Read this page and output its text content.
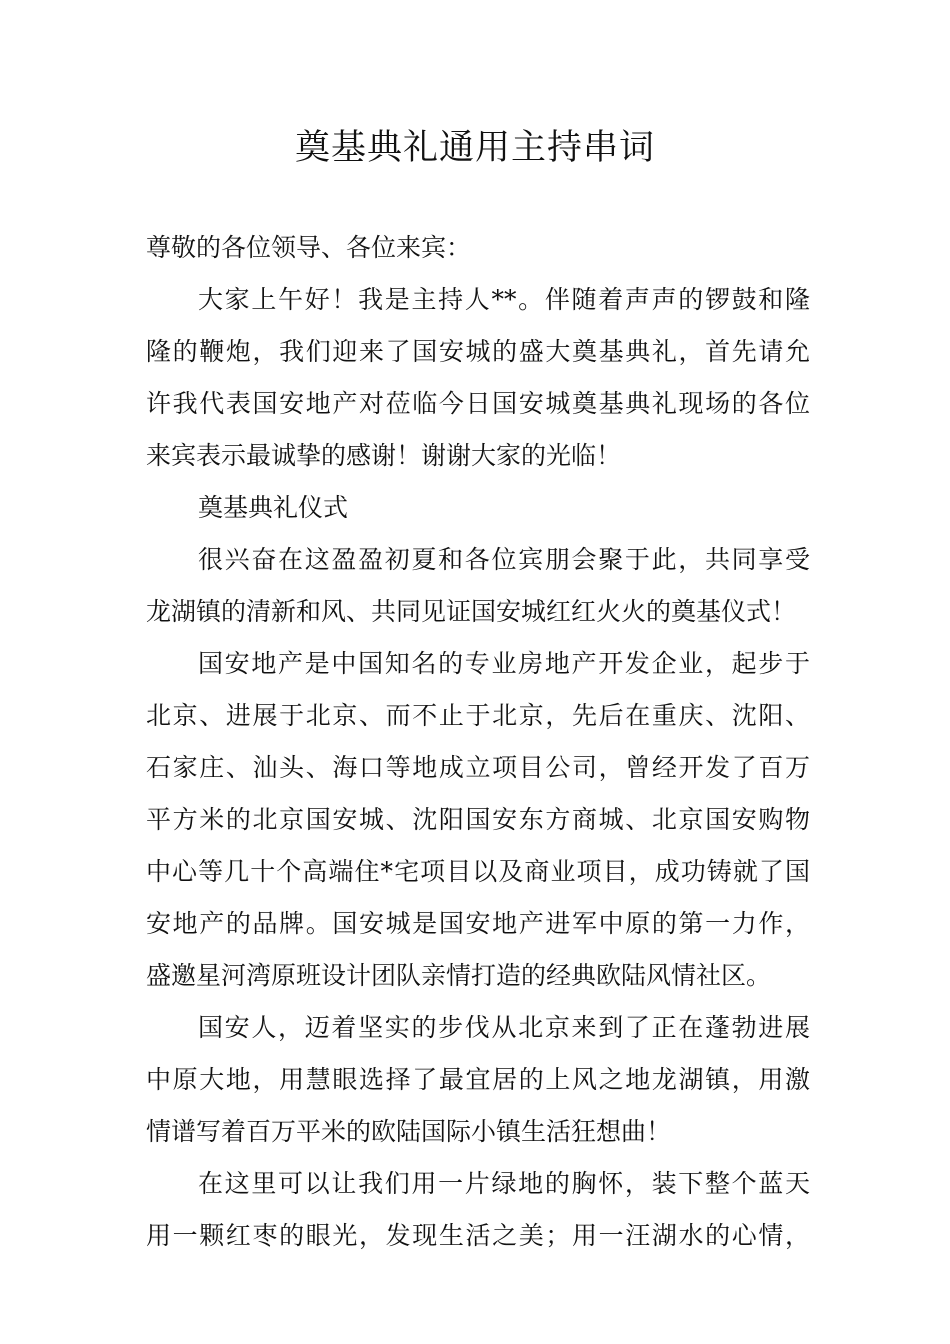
奠基典礼通用主持串词
尊敬的各位领导、各位来宾：
大家上午好！我是主持人**。伴随着声声的锣鼓和隆
隆的鞭炮，我们迎来了国安城的盛大奠基典礼，首先请允
许我代表国安地产对莅临今日国安城奠基典礼现场的各位
来宾表示最诚挚的感谢！谢谢大家的光临！
奠基典礼仪式
很兴奋在这盈盈初夏和各位宾朋会聚于此，共同享受
龙湖镇的清新和风、共同见证国安城红红火火的奠基仪式！
国安地产是中国知名的专业房地产开发企业，起步于
北京、进展于北京、而不止于北京，先后在重庆、沈阳、
石家庄、汕头、海口等地成立项目公司，曾经开发了百万
平方米的北京国安城、沈阳国安东方商城、北京国安购物
中心等几十个高端住*宅项目以及商业项目，成功铸就了国
安地产的品牌。国安城是国安地产进军中原的第一力作，
盛邀星河湾原班设计团队亲情打造的经典欧陆风情社区。
国安人，迈着坚实的步伐从北京来到了正在蓬勃进展
中原大地，用慧眼选择了最宜居的上风之地龙湖镇，用激
情谱写着百万平米的欧陆国际小镇生活狂想曲！
在这里可以让我们用一片绿地的胸怀，装下整个蓝天
用一颗红枣的眼光，发现生活之美；用一汪湖水的心情，
